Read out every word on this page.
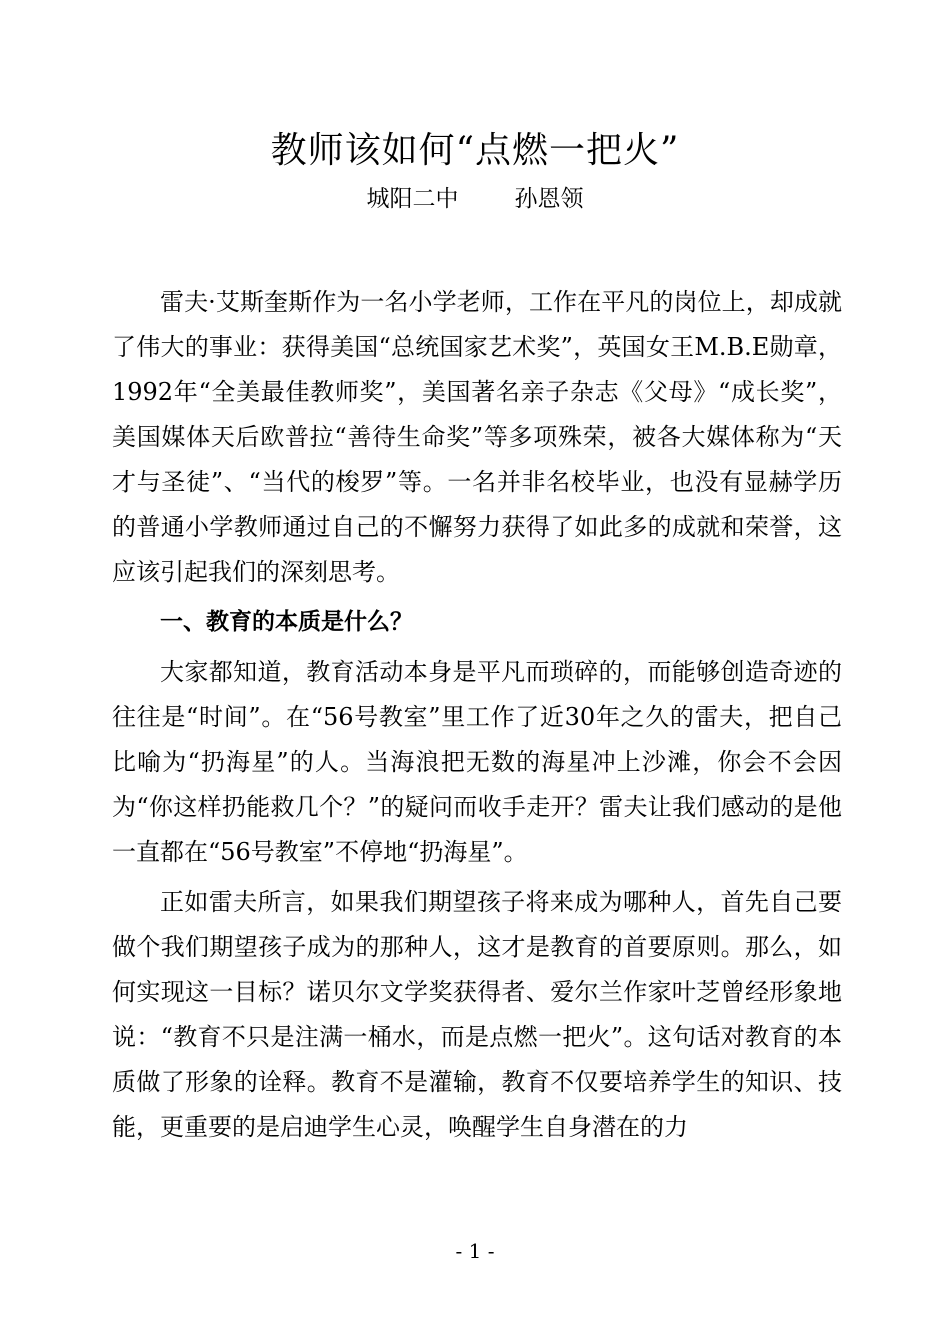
教师该如何“点燃一把火”
城阳二中 孙恩领

雷夫·艾斯奎斯作为一名小学老师，工作在平凡的岗位上，却成就了伟大的事业：获得美国“总统国家艺术奖”，英国女王M.B.E勋章，1992年“全美最佳教师奖”，美国著名亲子杂志《父母》“成长奖”，美国媒体天后欧普拉“善待生命奖”等多项殊荣，被各大媒体称为“天才与圣徒”、“当代的梭罗”等。一名并非名校毕业，也没有显赫学历的普通小学教师通过自己的不懈努力获得了如此多的成就和荣誉，这应该引起我们的深刻思考。

一、教育的本质是什么？

大家都知道，教育活动本身是平凡而琐碎的，而能够创造奇迹的往往是“时间”。在“56号教室”里工作了近30年之久的雷夫，把自己比喻为“扔海星”的人。当海浪把无数的海星冲上沙滩，你会不会因为“你这样扔能救几个？”的疑问而收手走开？雷夫让我们感动的是他一直都在“56号教室”不停地“扔海星”。

正如雷夫所言，如果我们期望孩子将来成为哪种人，首先自己要做个我们期望孩子成为的那种人，这才是教育的首要原则。那么，如何实现这一目标？诺贝尔文学奖获得者、爱尔兰作家叶芝曾经形象地说：“教育不只是注满一桶水，而是点燃一把火”。这句话对教育的本质做了形象的诠释。教育不是灌输，教育不仅要培养学生的知识、技能，更重要的是启迪学生心灵，唤醒学生自身潜在的力

- 1 -
